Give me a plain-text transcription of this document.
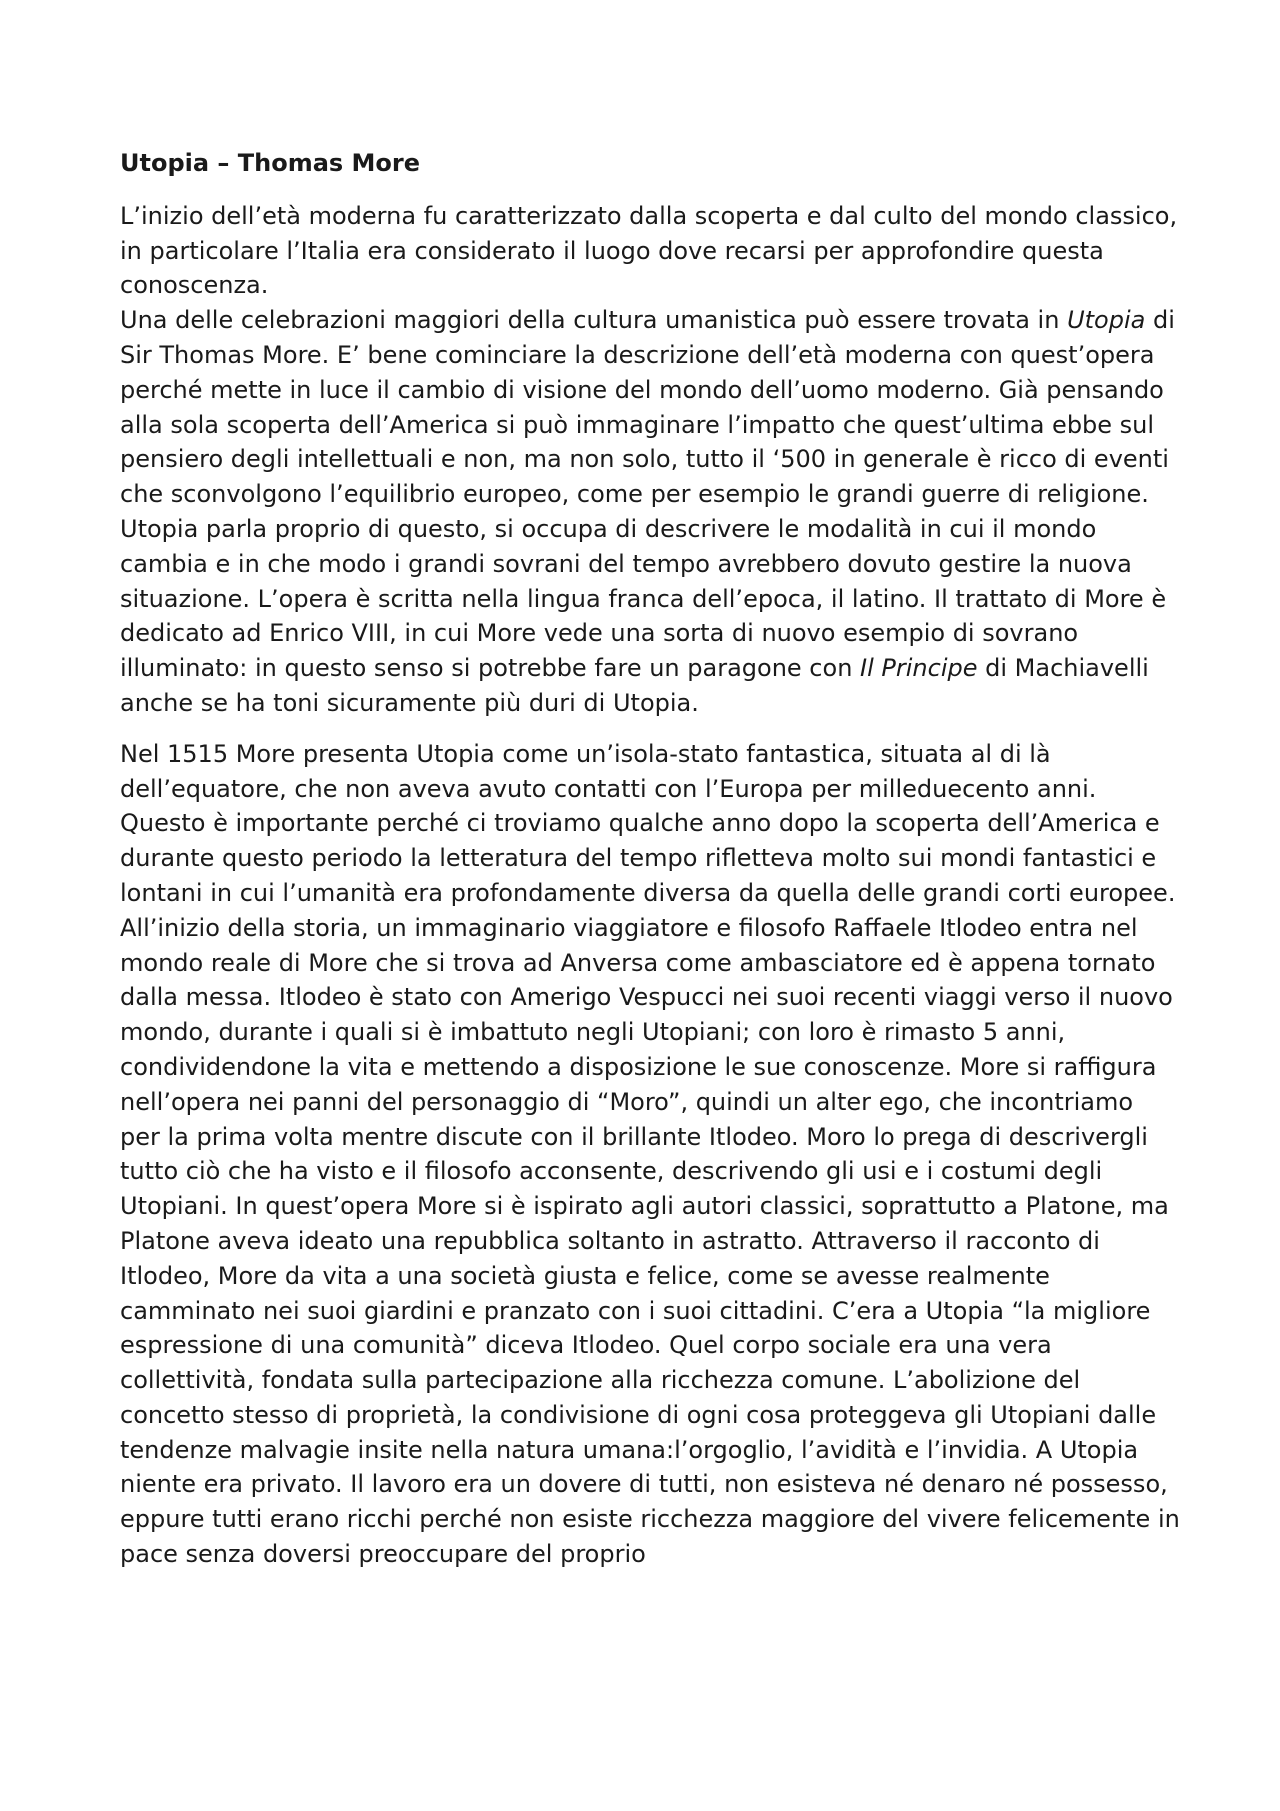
Utopia – Thomas More

L’inizio dell’età moderna fu caratterizzato dalla scoperta e dal culto del mondo classico, in particolare l’Italia era considerato il luogo dove recarsi per approfondire questa conoscenza.

Una delle celebrazioni maggiori della cultura umanistica può essere trovata in Utopia di Sir Thomas More. E’ bene cominciare la descrizione dell’età moderna con quest’opera perché mette in luce il cambio di visione del mondo dell’uomo moderno. Già pensando alla sola scoperta dell’America si può immaginare l’impatto che quest’ultima ebbe sul pensiero degli intellettuali e non, ma non solo, tutto il ‘500 in generale è ricco di eventi che sconvolgono l’equilibrio europeo, come per esempio le grandi guerre di religione. Utopia parla proprio di questo, si occupa di descrivere le modalità in cui il mondo cambia e in che modo i grandi sovrani del tempo avrebbero dovuto gestire la nuova situazione. L’opera è scritta nella lingua franca dell’epoca, il latino. Il trattato di More è dedicato ad Enrico VIII, in cui More vede una sorta di nuovo esempio di sovrano illuminato: in questo senso si potrebbe fare un paragone con Il Principe di Machiavelli anche se ha toni sicuramente più duri di Utopia.

Nel 1515 More presenta Utopia come un’isola-stato fantastica, situata al di là dell’equatore, che non aveva avuto contatti con l’Europa per milleduecento anni. Questo è importante perché ci troviamo qualche anno dopo la scoperta dell’America e durante questo periodo la letteratura del tempo rifletteva molto sui mondi fantastici e lontani in cui l’umanità era profondamente diversa da quella delle grandi corti europee. All’inizio della storia, un immaginario viaggiatore e filosofo Raffaele Itlodeo entra nel mondo reale di More che si trova ad Anversa come ambasciatore ed è appena tornato dalla messa. Itlodeo è stato con Amerigo Vespucci nei suoi recenti viaggi verso il nuovo mondo, durante i quali si è imbattuto negli Utopiani; con loro è rimasto 5 anni, condividendone la vita e mettendo a disposizione le sue conoscenze. More si raffigura nell’opera nei panni del personaggio di “Moro”, quindi un alter ego, che incontriamo per la prima volta mentre discute con il brillante Itlodeo. Moro lo prega di descrivergli tutto ciò che ha visto e il filosofo acconsente, descrivendo gli usi e i costumi degli Utopiani. In quest’opera More si è ispirato agli autori classici, soprattutto a Platone, ma Platone aveva ideato una repubblica soltanto in astratto. Attraverso il racconto di Itlodeo, More da vita a una società giusta e felice, come se avesse realmente camminato nei suoi giardini e pranzato con i suoi cittadini. C’era a Utopia “la migliore espressione di una comunità” diceva Itlodeo. Quel corpo sociale era una vera collettività, fondata sulla partecipazione alla ricchezza comune. L’abolizione del concetto stesso di proprietà, la condivisione di ogni cosa proteggeva gli Utopiani dalle tendenze malvagie insite nella natura umana:l’orgoglio, l’avidità e l’invidia. A Utopia niente era privato. Il lavoro era un dovere di tutti, non esisteva né denaro né possesso, eppure tutti erano ricchi perché non esiste ricchezza maggiore del vivere felicemente in pace senza doversi preoccupare del proprio
